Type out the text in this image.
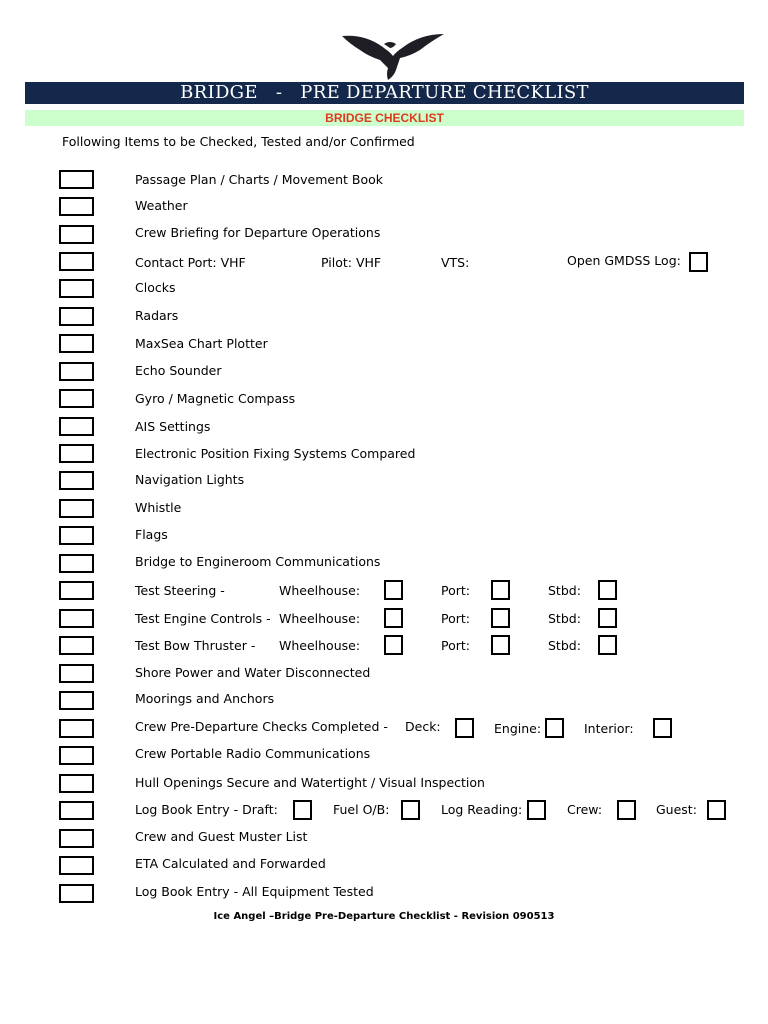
BRIDGE   -   PRE DEPARTURE CHECKLIST
BRIDGE CHECKLIST
Following Items to be Checked, Tested and/or Confirmed
Passage Plan / Charts / Movement Book
Weather
Crew Briefing for Departure Operations
Contact Port: VHF	Pilot: VHF	VTS:	Open GMDSS Log:
Clocks
Radars
MaxSea Chart Plotter
Echo Sounder
Gyro / Magnetic Compass
AIS Settings
Electronic Position Fixing Systems Compared
Navigation Lights
Whistle
Flags
Bridge to Engineroom Communications
Test Steering -	Wheelhouse:	Port:	Stbd:
Test Engine Controls - Wheelhouse:	Port:	Stbd:
Test Bow Thruster - Wheelhouse:	Port:	Stbd:
Shore Power and Water Disconnected
Moorings and Anchors
Crew Pre-Departure Checks Completed - Deck:	Engine:	Interior:
Crew Portable Radio Communications
Hull Openings Secure and Watertight / Visual Inspection
Log Book Entry - Draft:	Fuel O/B:	Log Reading:	Crew:	Guest:
Crew and Guest Muster List
ETA Calculated and Forwarded
Log Book Entry - All Equipment Tested
Ice Angel –Bridge Pre-Departure Checklist - Revision 090513
